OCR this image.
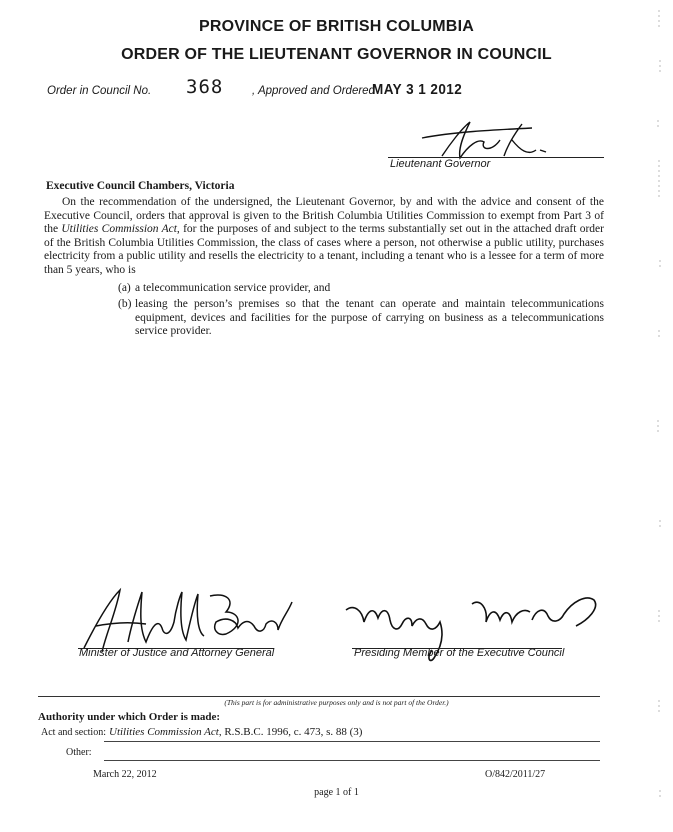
PROVINCE OF BRITISH COLUMBIA
ORDER OF THE LIEUTENANT GOVERNOR IN COUNCIL
Order in Council No. 368 , Approved and Ordered
MAY 3 1 2012
Lieutenant Governor
Executive Council Chambers, Victoria
On the recommendation of the undersigned, the Lieutenant Governor, by and with the advice and consent of the Executive Council, orders that approval is given to the British Columbia Utilities Commission to exempt from Part 3 of the Utilities Commission Act, for the purposes of and subject to the terms substantially set out in the attached draft order of the British Columbia Utilities Commission, the class of cases where a person, not otherwise a public utility, purchases electricity from a public utility and resells the electricity to a tenant, including a tenant who is a lessee for a term of more than 5 years, who is
(a) a telecommunication service provider, and
(b) leasing the person’s premises so that the tenant can operate and maintain telecommunications equipment, devices and facilities for the purpose of carrying on business as a telecommunications service provider.
Minister of Justice and Attorney General	Presiding Member of the Executive Council
(This part is for administrative purposes only and is not part of the Order.)
Authority under which Order is made:
Act and section: Utilities Commission Act, R.S.B.C. 1996, c. 473, s. 88 (3)
Other:
March 22, 2012	O/842/2011/27
page 1 of 1
